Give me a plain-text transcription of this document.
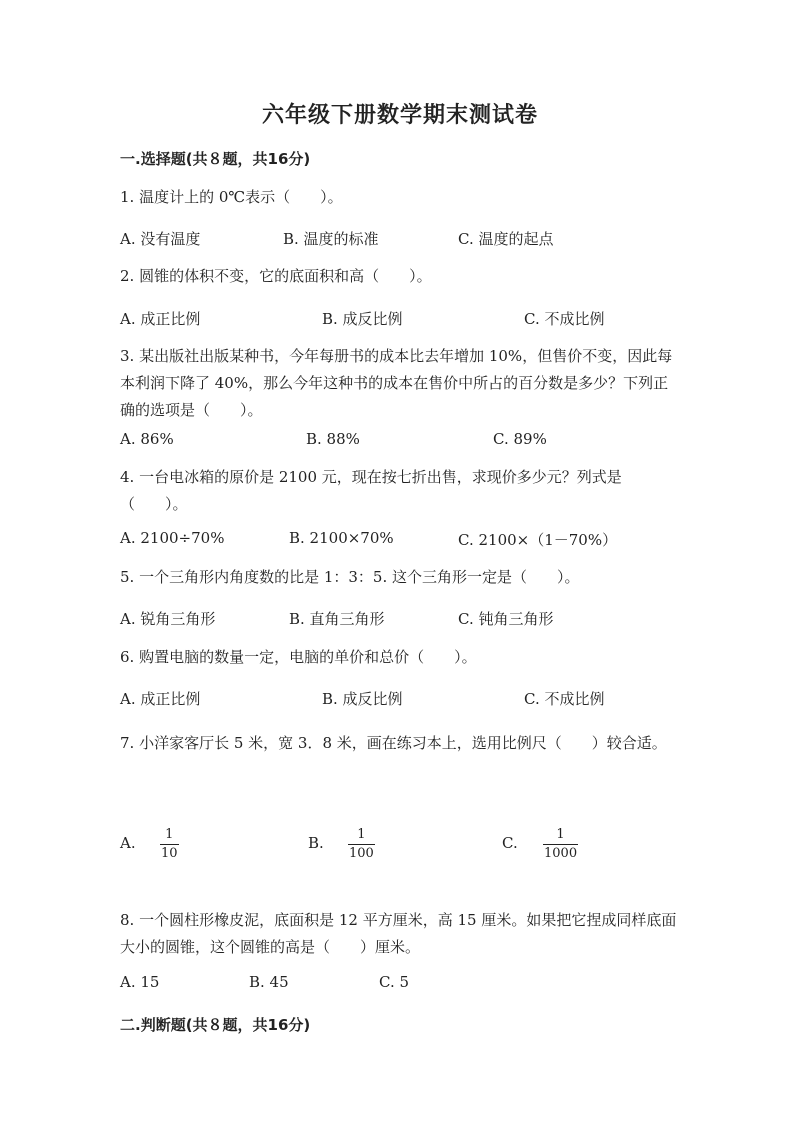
六年级下册数学期末测试卷
一.选择题(共８题，共16分)
1. 温度计上的 0℃表示（　　）。
A. 没有温度	B. 温度的标准	C. 温度的起点
2. 圆锥的体积不变，它的底面积和高（　　）。
A. 成正比例	B. 成反比例	C. 不成比例
3. 某出版社出版某种书，今年每册书的成本比去年增加 10%，但售价不变，因此每本利润下降了 40%，那么今年这种书的成本在售价中所占的百分数是多少？下列正确的选项是（　　）。
A. 86%	B. 88%	C. 89%
4. 一台电冰箱的原价是 2100 元，现在按七折出售，求现价多少元？列式是（　　）。
A. 2100÷70%	B. 2100×70%	C. 2100×（1－70%）
5. 一个三角形内角度数的比是 1：3：5. 这个三角形一定是（　　）。
A. 锐角三角形	B. 直角三角形	C. 钝角三角形
6. 购置电脑的数量一定，电脑的单价和总价（　　）。
A. 成正比例	B. 成反比例	C. 不成比例
7. 小洋家客厅长 5 米，宽 3．8 米，画在练习本上，选用比例尺（　　）较合适。
A. 1
10
B.	1
100
C.	1
1000
8. 一个圆柱形橡皮泥，底面积是 12 平方厘米，高 15 厘米。如果把它捏成同样底面大小的圆锥，这个圆锥的高是（　　）厘米。
A. 15	B. 45	C. 5
二.判断题(共８题，共16分)
